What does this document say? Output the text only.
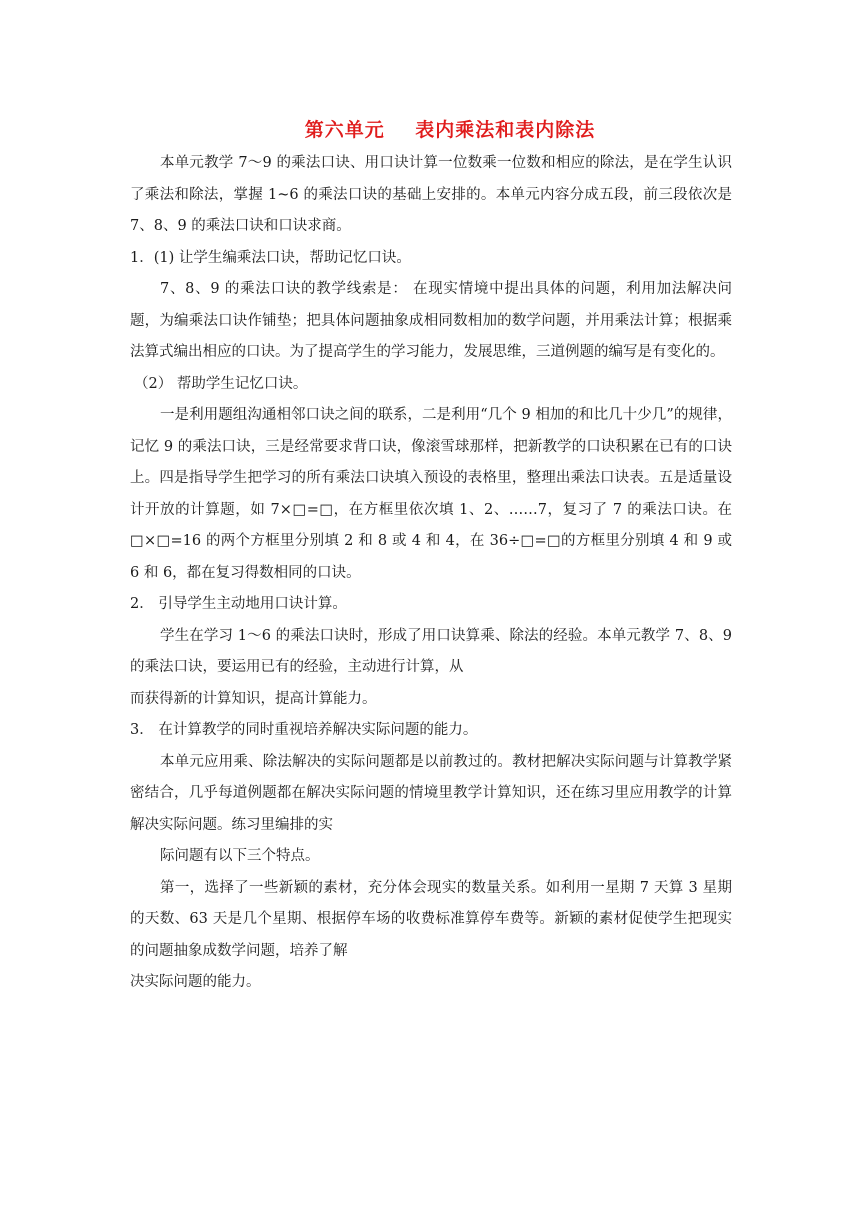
第六单元    表内乘法和表内除法

本单元教学 7～9 的乘法口诀、用口诀计算一位数乘一位数和相应的除法，是在学生认识了乘法和除法，掌握 1~6 的乘法口诀的基础上安排的。本单元内容分成五段，前三段依次是 7、8、9 的乘法口诀和口诀求商。

1．(1) 让学生编乘法口诀，帮助记忆口诀。

7、8、9 的乘法口诀的教学线索是： 在现实情境中提出具体的问题，利用加法解决问题，为编乘法口诀作铺垫；把具体问题抽象成相同数相加的数学问题，并用乘法计算；根据乘法算式编出相应的口诀。为了提高学生的学习能力，发展思维，三道例题的编写是有变化的。

（2） 帮助学生记忆口诀。

一是利用题组沟通相邻口诀之间的联系，二是利用“几个 9 相加的和比几十少几”的规律，记忆 9 的乘法口诀，三是经常要求背口诀，像滚雪球那样，把新教学的口诀积累在已有的口诀上。四是指导学生把学习的所有乘法口诀填入预设的表格里，整理出乘法口诀表。五是适量设计开放的计算题，如 7×□=□，在方框里依次填 1、2、……7，复习了 7 的乘法口诀。在□×□=16 的两个方框里分别填 2 和 8 或 4 和 4，在 36÷□=□的方框里分别填 4 和 9 或 6 和 6，都在复习得数相同的口诀。

2． 引导学生主动地用口诀计算。

学生在学习 1～6 的乘法口诀时，形成了用口诀算乘、除法的经验。本单元教学 7、8、9 的乘法口诀，要运用已有的经验，主动进行计算，从

而获得新的计算知识，提高计算能力。

3． 在计算教学的同时重视培养解决实际问题的能力。

本单元应用乘、除法解决的实际问题都是以前教过的。教材把解决实际问题与计算教学紧密结合，几乎每道例题都在解决实际问题的情境里教学计算知识，还在练习里应用教学的计算解决实际问题。练习里编排的实

际问题有以下三个特点。

第一，选择了一些新颖的素材，充分体会现实的数量关系。如利用一星期 7 天算 3 星期的天数、63 天是几个星期、根据停车场的收费标准算停车费等。新颖的素材促使学生把现实的问题抽象成数学问题，培养了解

决实际问题的能力。
